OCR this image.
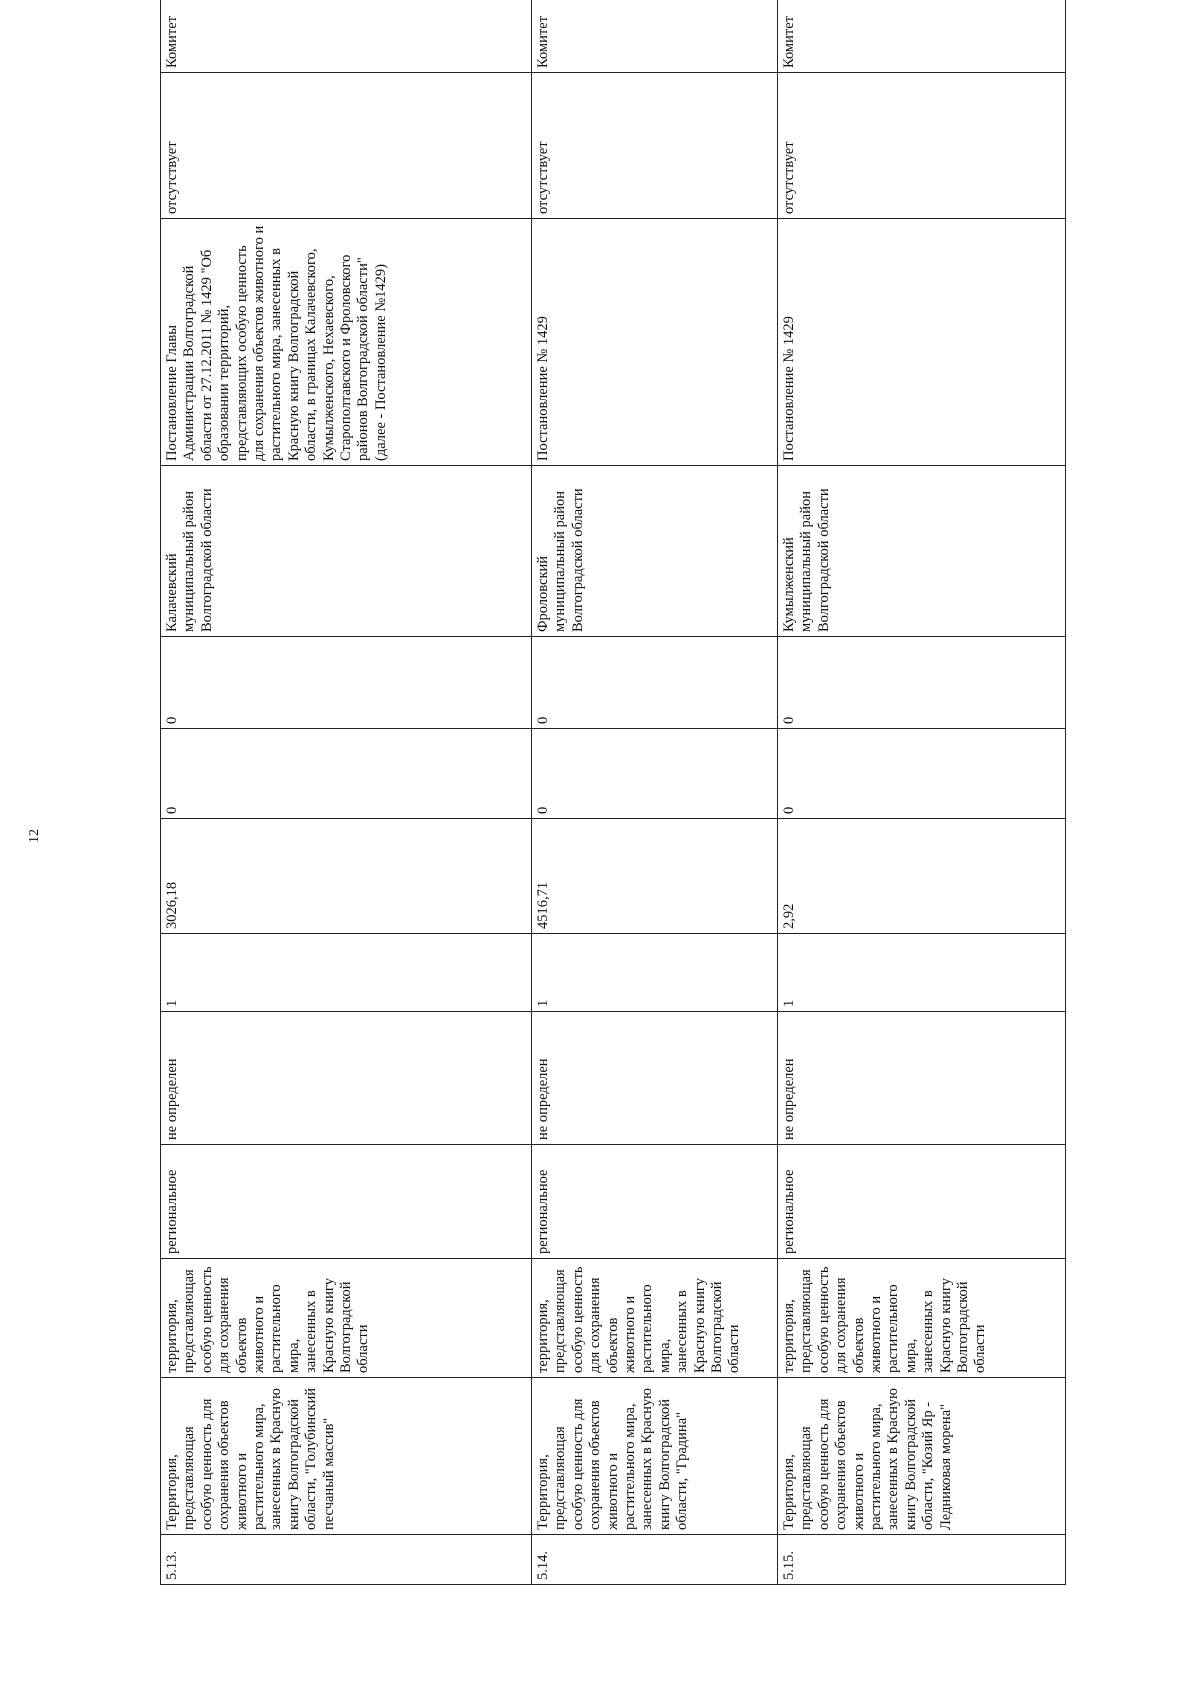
12
5.13.	Территория, представляющая особую ценность для сохранения объектов животного и растительного мира, занесенных в Красную книгу Волгоградской области, "Голубинский песчаный массив"	территория, представляющая особую ценность для сохранения объектов животного и растительного мира, занесенных в Красную книгу Волгоградской области	региональное	не определен	1	3026,18	0	0	Калачевский муниципальный район Волгоградской области	Постановление Главы Администрации Волгоградской области от 27.12.2011 № 1429 "Об образовании территорий, представляющих особую ценность для сохранения объектов животного и растительного мира, занесенных в Красную книгу Волгоградской области, в границах Калачевского, Кумылженского, Нехаевского, Старополтавского и Фроловского районов Волгоградской области" (далее - Постановление №1429)	отсутствует	Комитет
5.14.	Территория, представляющая особую ценность для сохранения объектов животного и растительного мира, занесенных в Красную книгу Волгоградской области, "Градина"	территория, представляющая особую ценность для сохранения объектов животного и растительного мира, занесенных в Красную книгу Волгоградской области	региональное	не определен	1	4516,71	0	0	Фроловский муниципальный район Волгоградской области	Постановление № 1429	отсутствует	Комитет
5.15.	Территория, представляющая особую ценность для сохранения объектов животного и растительного мира, занесенных в Красную книгу Волгоградской области, "Козий Яр - Ледниковая морена"	территория, представляющая особую ценность для сохранения объектов животного и растительного мира, занесенных в Красную книгу Волгоградской области	региональное	не определен	1	2,92	0	0	Кумылженский муниципальный район Волгоградской области	Постановление № 1429	отсутствует	Комитет
